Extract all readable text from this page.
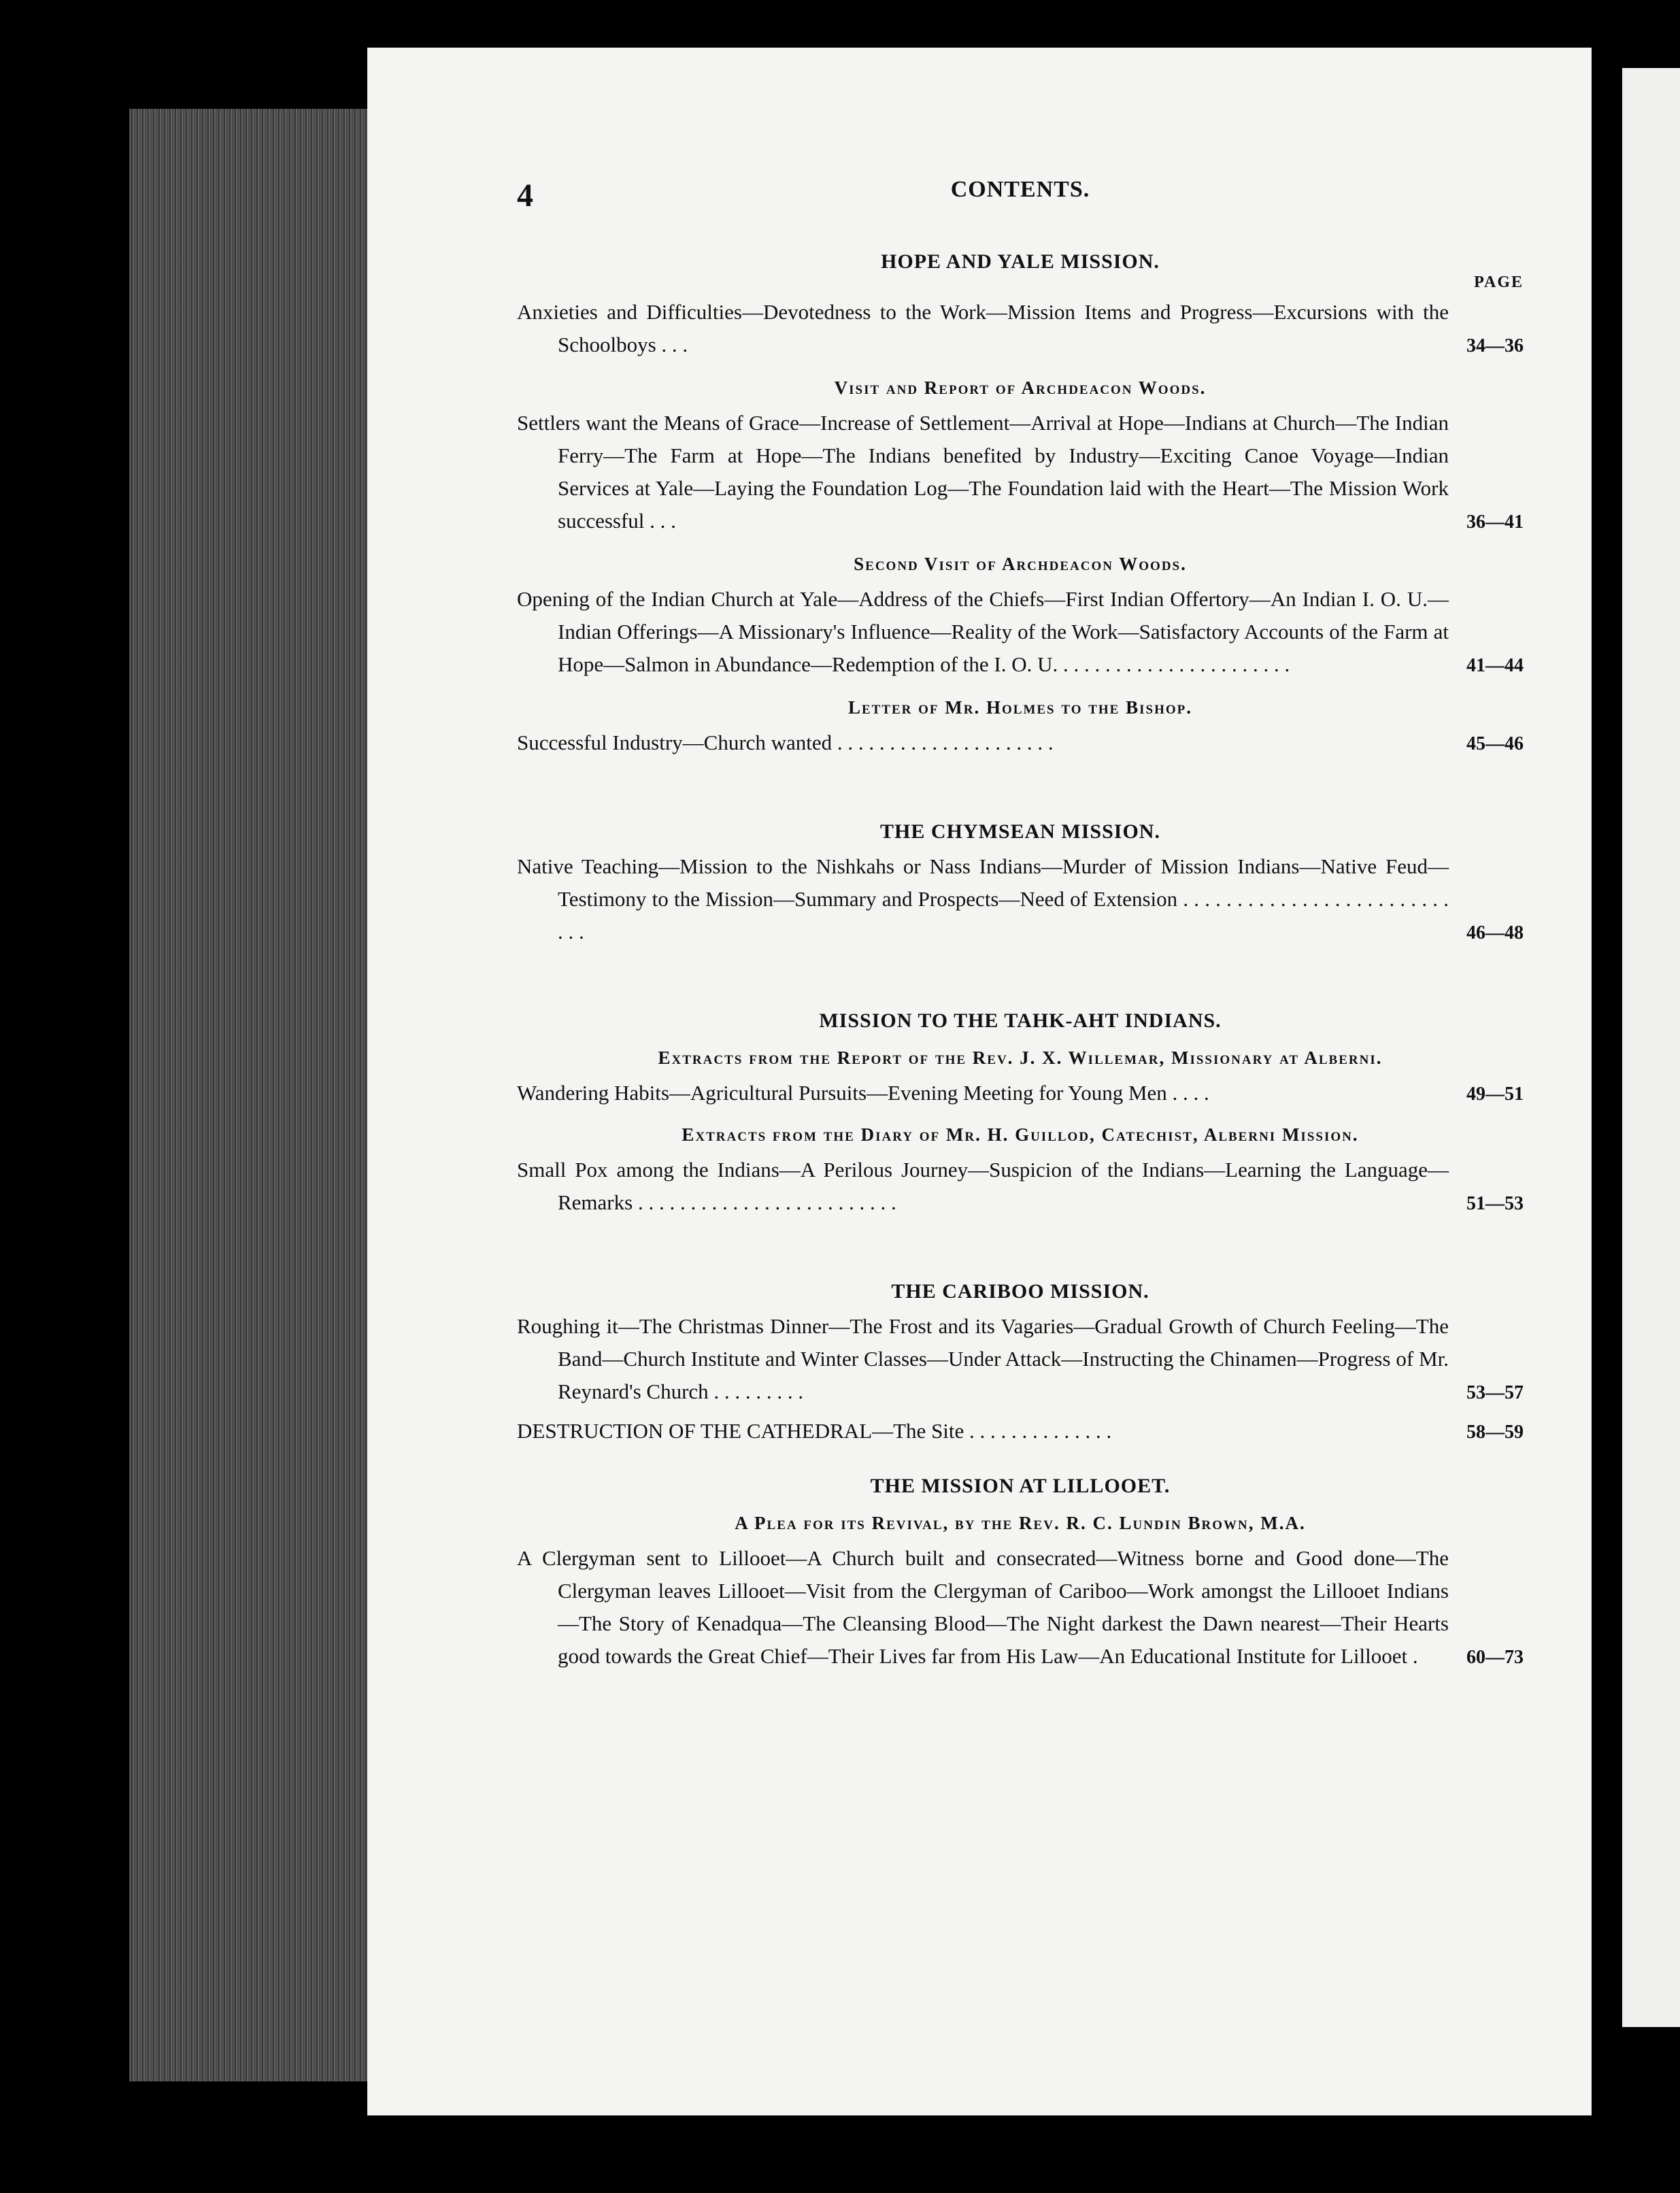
4	CONTENTS.
HOPE AND YALE MISSION.
PAGE
Anxieties and Difficulties—Devotedness to the Work—Mission Items and Progress—Excursions with the Schoolboys . . .	34—36
Visit and Report of Archdeacon Woods.
Settlers want the Means of Grace—Increase of Settlement—Arrival at Hope—Indians at Church—The Indian Ferry—The Farm at Hope—The Indians benefited by Industry—Exciting Canoe Voyage—Indian Services at Yale—Laying the Foundation Log—The Foundation laid with the Heart—The Mission Work successful . . .	36—41
Second Visit of Archdeacon Woods.
Opening of the Indian Church at Yale—Address of the Chiefs—First Indian Offertory—An Indian I. O. U.—Indian Offerings—A Missionary's Influence—Reality of the Work—Satisfactory Accounts of the Farm at Hope—Salmon in Abundance—Redemption of the I. O. U. . . . . . . . . . . . . . . . . . . . . . .	41—44
Letter of Mr. Holmes to the Bishop.
Successful Industry—Church wanted . . . . . . . . . . . . . . . . . . . . .	45—46
THE CHYMSEAN MISSION.
Native Teaching—Mission to the Nishkahs or Nass Indians—Murder of Mission Indians—Native Feud—Testimony to the Mission—Summary and Prospects—Need of Extension . . . . . . . . . . . . . . . . . . . . . . . . . . . .	46—48
MISSION TO THE TAHK-AHT INDIANS.
Extracts from the Report of the Rev. J. X. Willemar, Missionary at Alberni.
Wandering Habits—Agricultural Pursuits—Evening Meeting for Young Men . . . .	49—51
Extracts from the Diary of Mr. H. Guillod, Catechist, Alberni Mission.
Small Pox among the Indians—A Perilous Journey—Suspicion of the Indians—Learning the Language—Remarks . . . . . . . . . . . . . . . . . . . . . . . . .	51—53
THE CARIBOO MISSION.
Roughing it—The Christmas Dinner—The Frost and its Vagaries—Gradual Growth of Church Feeling—The Band—Church Institute and Winter Classes—Under Attack—Instructing the Chinamen—Progress of Mr. Reynard's Church . . . . . . . . .	53—57
DESTRUCTION OF THE CATHEDRAL—The Site . . . . . . . . . . . . . .	58—59
THE MISSION AT LILLOOET.
A Plea for its Revival, by the Rev. R. C. Lundin Brown, M.A.
A Clergyman sent to Lillooet—A Church built and consecrated—Witness borne and Good done—The Clergyman leaves Lillooet—Visit from the Clergyman of Cariboo—Work amongst the Lillooet Indians—The Story of Kenadqua—The Cleansing Blood—The Night darkest the Dawn nearest—Their Hearts good towards the Great Chief—Their Lives far from His Law—An Educational Institute for Lillooet .	60—73
